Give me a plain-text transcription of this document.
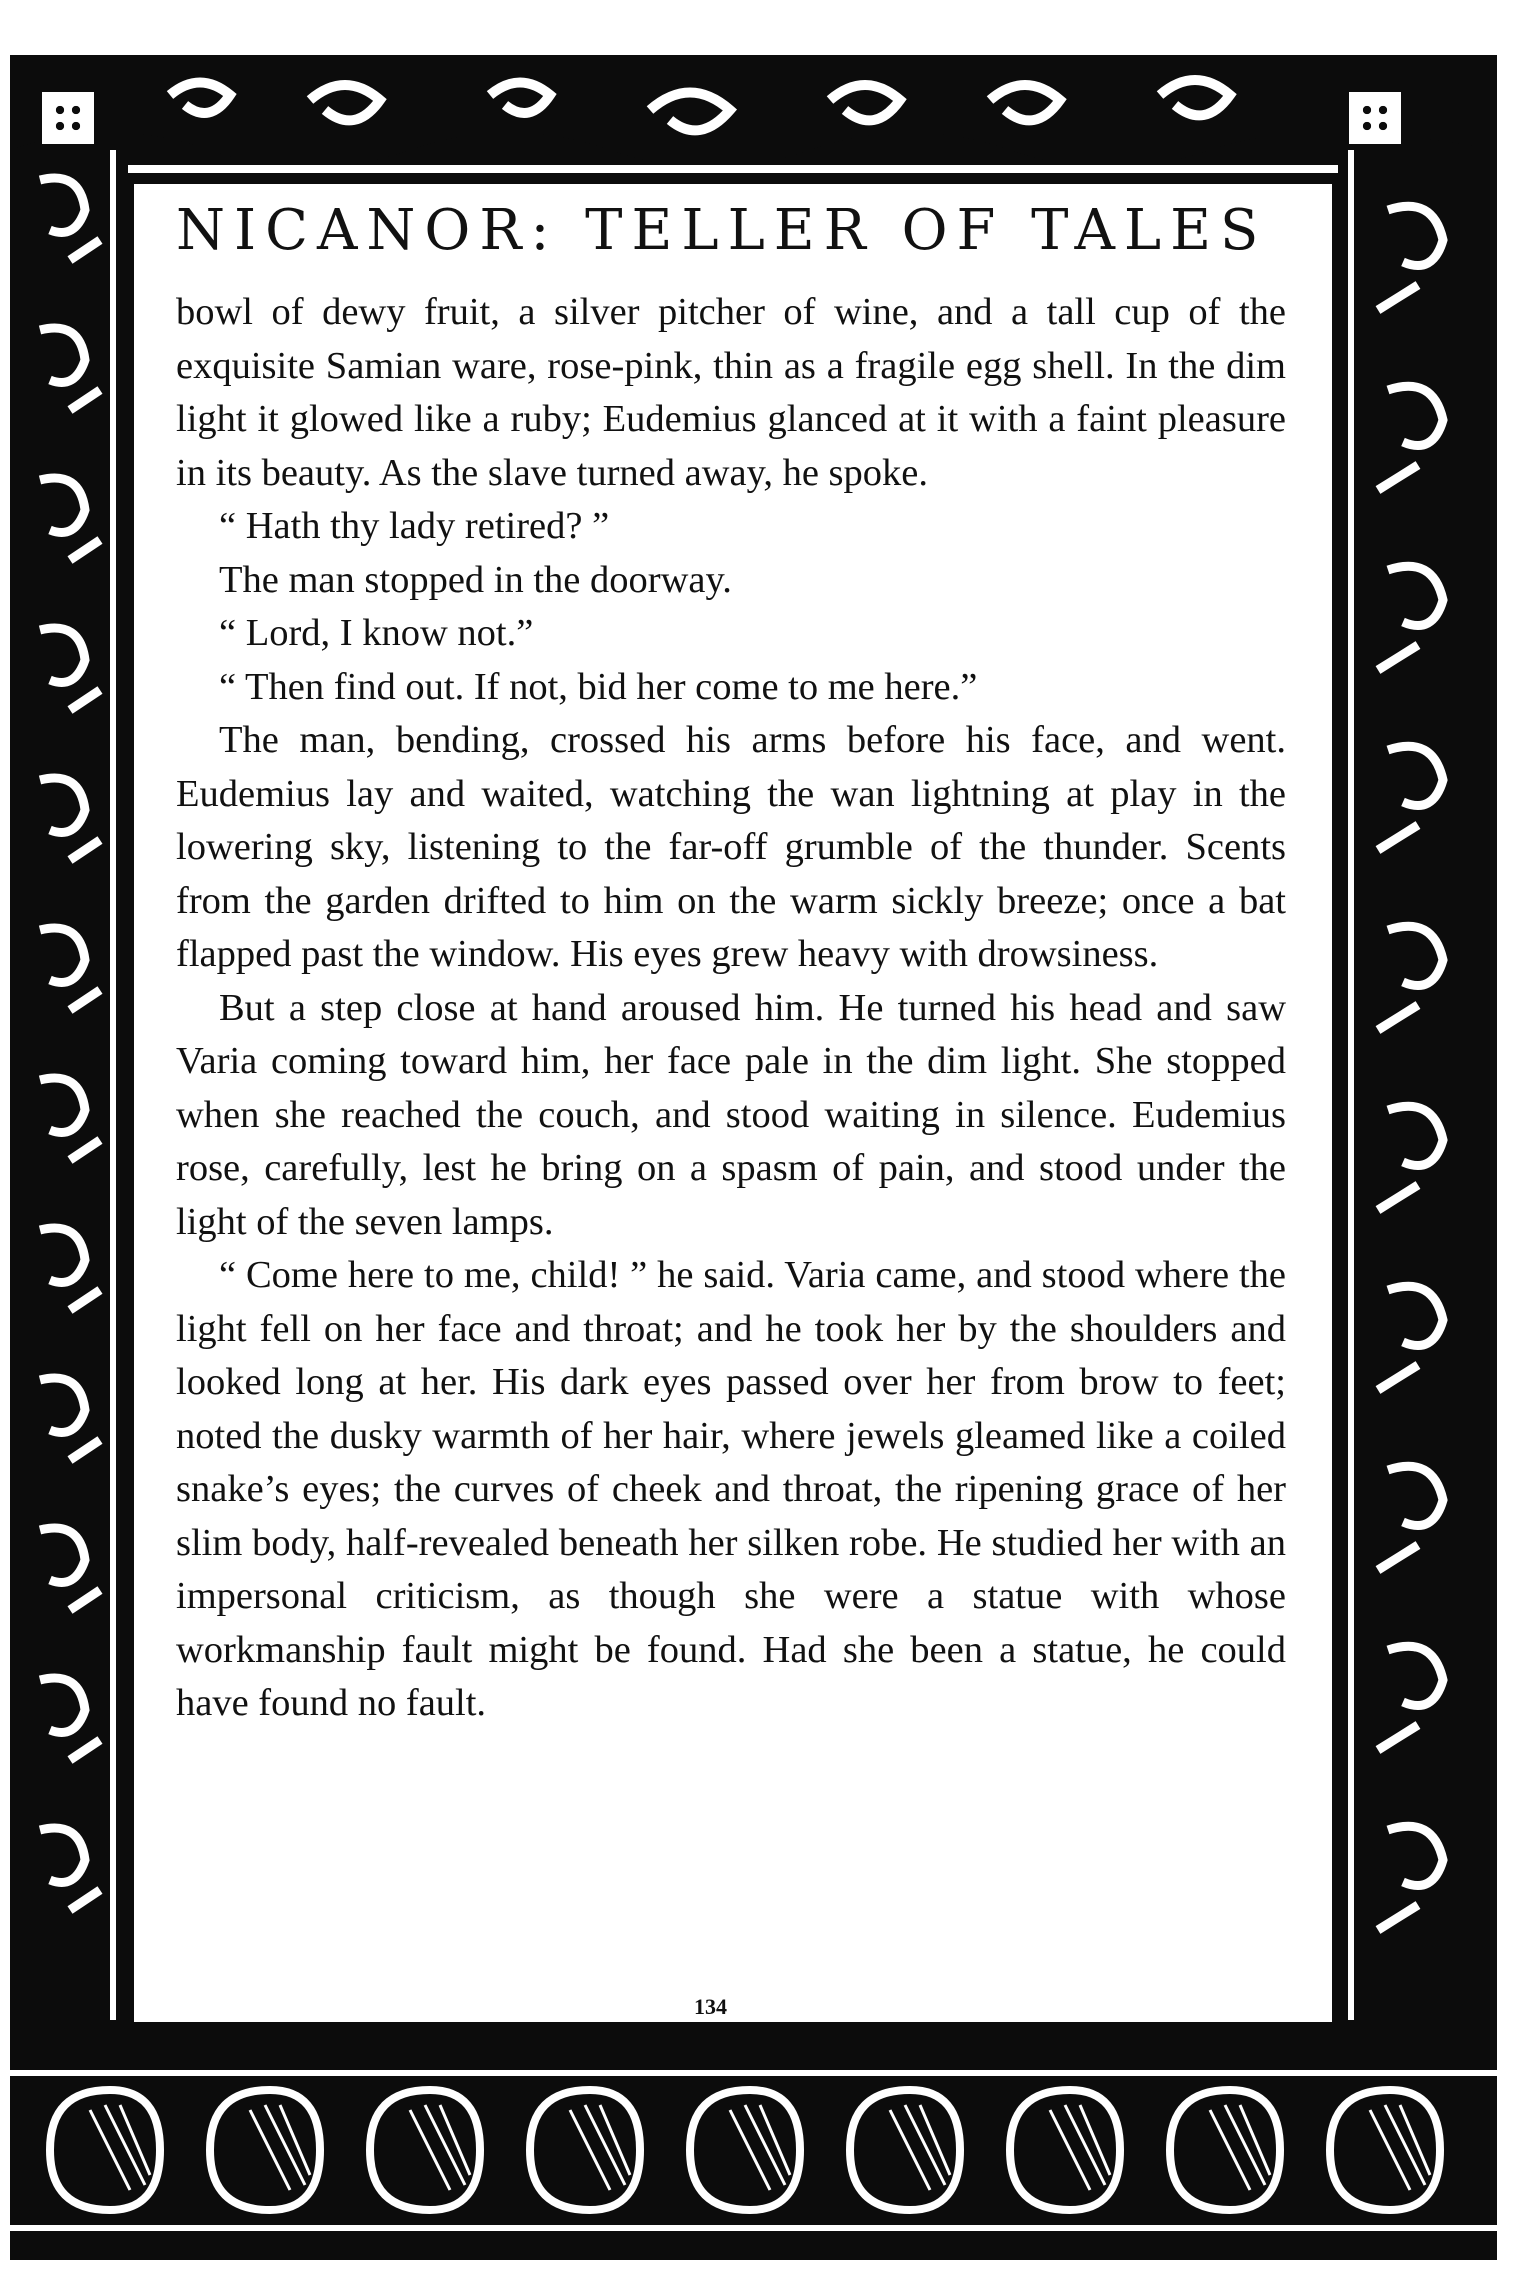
NICANOR: TELLER OF TALES

bowl of dewy fruit, a silver pitcher of wine, and a tall cup of the exquisite Samian ware, rose-pink, thin as a fragile egg shell. In the dim light it glowed like a ruby; Eudemius glanced at it with a faint pleasure in its beauty. As the slave turned away, he spoke.

“ Hath thy lady retired? ”

The man stopped in the doorway.

“ Lord, I know not.”

“ Then find out. If not, bid her come to me here.”

The man, bending, crossed his arms before his face, and went. Eudemius lay and waited, watching the wan lightning at play in the lowering sky, listening to the far-off grumble of the thunder. Scents from the garden drifted to him on the warm sickly breeze; once a bat flapped past the window. His eyes grew heavy with drowsiness.

But a step close at hand aroused him. He turned his head and saw Varia coming toward him, her face pale in the dim light. She stopped when she reached the couch, and stood waiting in silence. Eudemius rose, carefully, lest he bring on a spasm of pain, and stood under the light of the seven lamps.

“ Come here to me, child! ” he said. Varia came, and stood where the light fell on her face and throat; and he took her by the shoulders and looked long at her. His dark eyes passed over her from brow to feet; noted the dusky warmth of her hair, where jewels gleamed like a coiled snake’s eyes; the curves of cheek and throat, the ripening grace of her slim body, half-revealed beneath her silken robe. He studied her with an impersonal criticism, as though she were a statue with whose workmanship fault might be found. Had she been a statue, he could have found no fault.

134
